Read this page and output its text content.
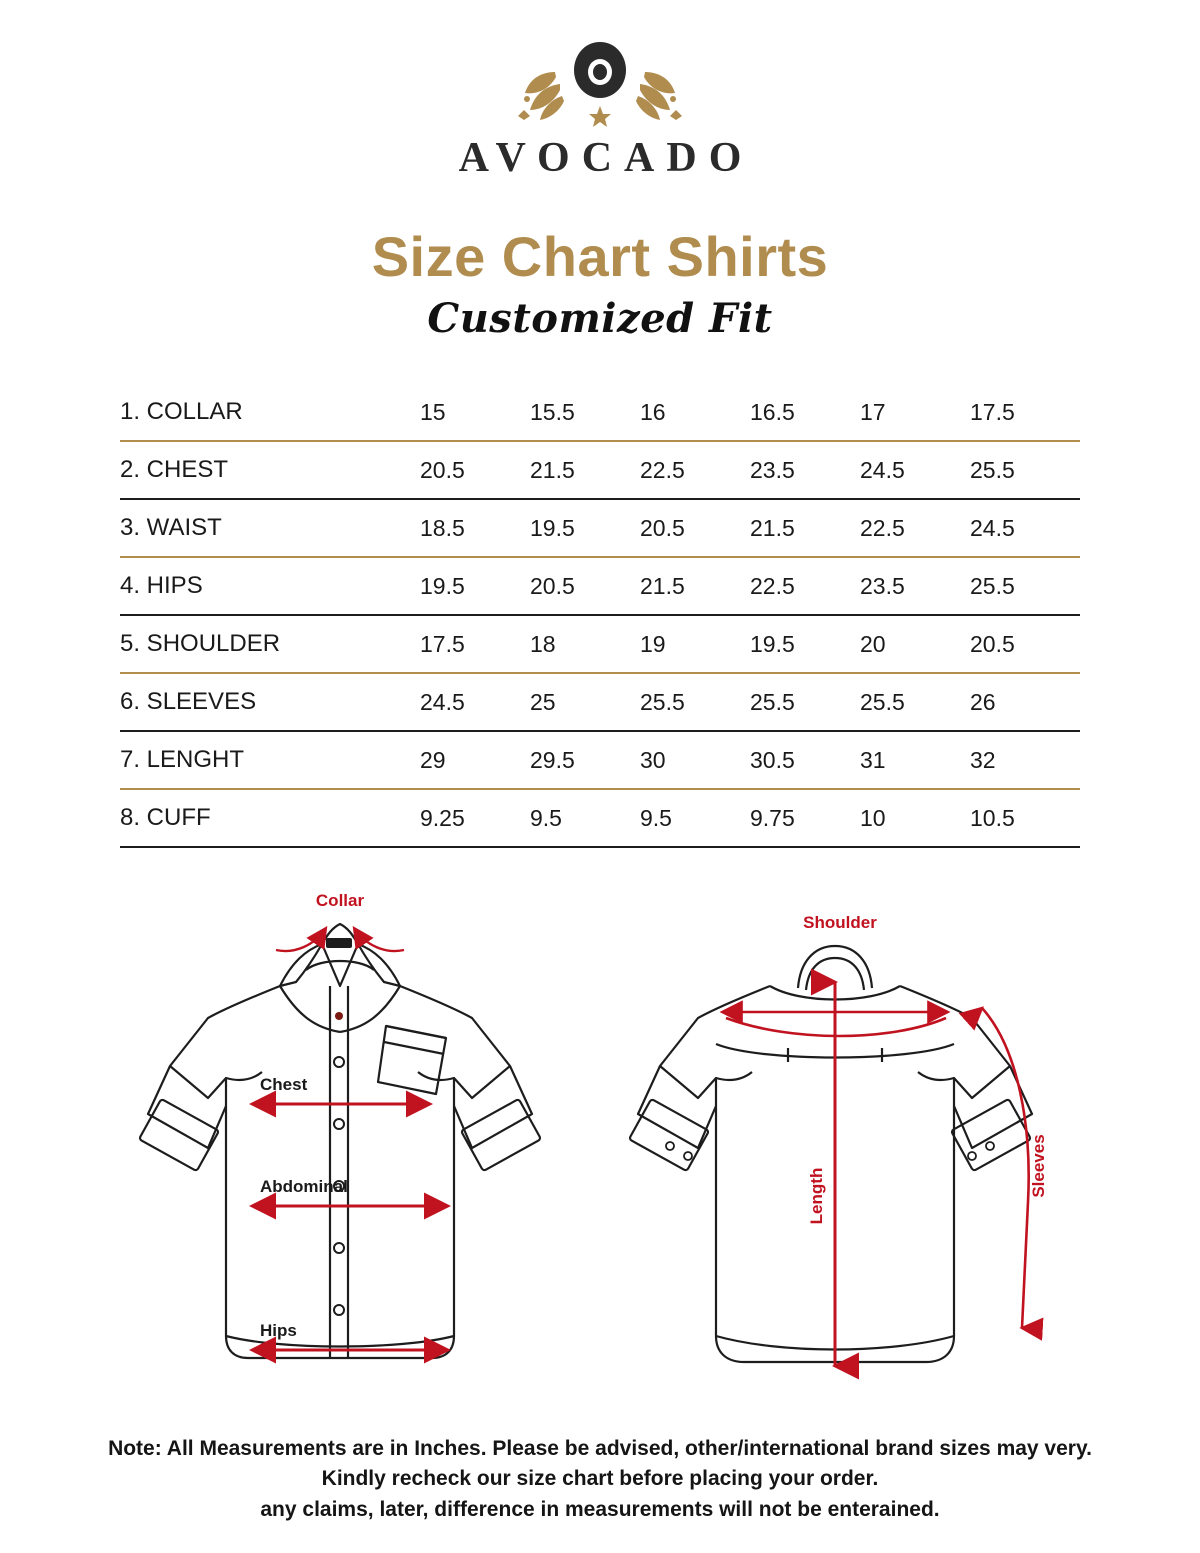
AVOCADO
Size Chart Shirts
Customized Fit
1. COLLAR	15	15.5	16	16.5	17	17.5
2. CHEST	20.5	21.5	22.5	23.5	24.5	25.5
3. WAIST	18.5	19.5	20.5	21.5	22.5	24.5
4. HIPS	19.5	20.5	21.5	22.5	23.5	25.5
5. SHOULDER	17.5	18	19	19.5	20	20.5
6. SLEEVES	24.5	25	25.5	25.5	25.5	26
7. LENGHT	29	29.5	30	30.5	31	32
8. CUFF	9.25	9.5	9.5	9.75	10	10.5
Collar
Chest
Abdominal
Hips
Shoulder
Length	Sleeves
Note: All Measurements are in Inches. Please be advised, other/international brand sizes may very.
Kindly recheck our size chart before placing your order.
any claims, later, difference in measurements will not be enterained.
